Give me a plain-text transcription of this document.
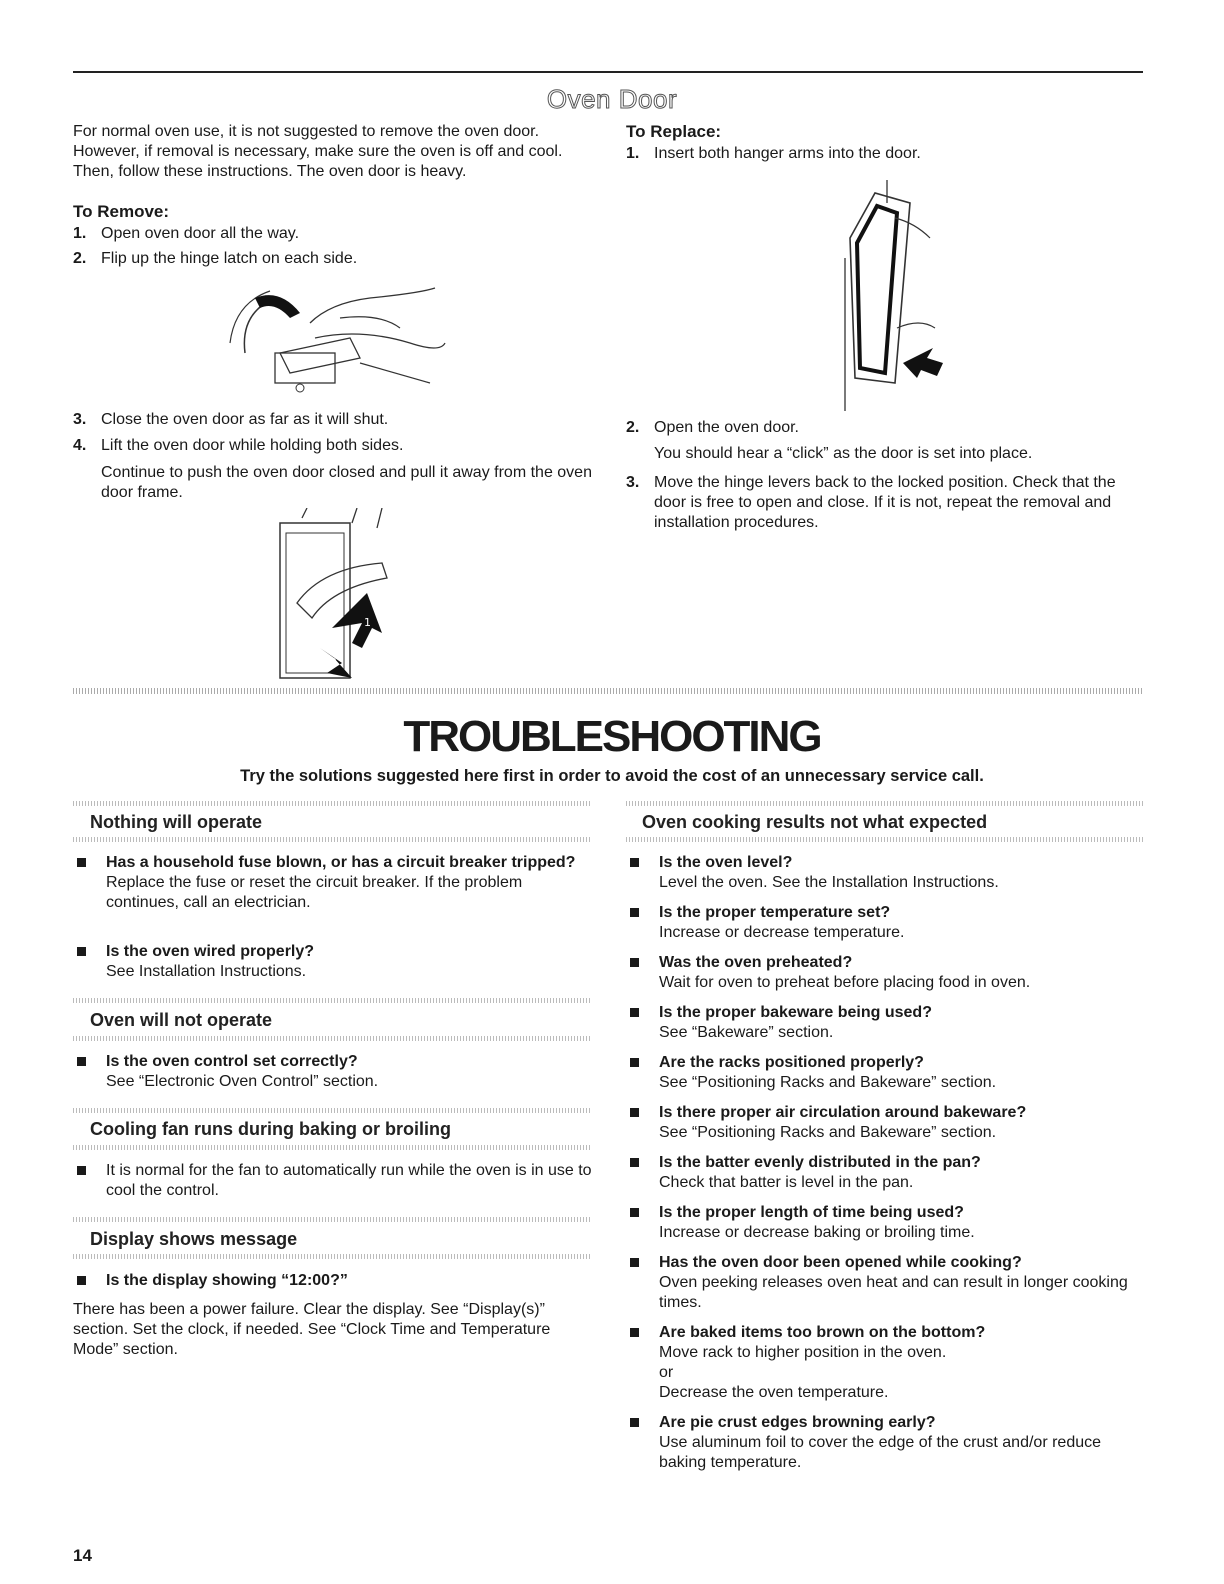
Oven Door
For normal oven use, it is not suggested to remove the oven door. However, if removal is necessary, make sure the oven is off and cool. Then, follow these instructions. The oven door is heavy.
To Remove:
1. Open oven door all the way.
2. Flip up the hinge latch on each side.
3. Close the oven door as far as it will shut.
4. Lift the oven door while holding both sides.
Continue to push the oven door closed and pull it away from the oven door frame.
1
2
To Replace:
1. Insert both hanger arms into the door.
2. Open the oven door.
You should hear a “click” as the door is set into place.
3. Move the hinge levers back to the locked position. Check that the door is free to open and close. If it is not, repeat the removal and installation procedures.
TROUBLESHOOTING
Try the solutions suggested here first in order to avoid the cost of an unnecessary service call.
Nothing will operate
Has a household fuse blown, or has a circuit breaker tripped?
Replace the fuse or reset the circuit breaker. If the problem continues, call an electrician.
Is the oven wired properly?
See Installation Instructions.
Oven will not operate
Is the oven control set correctly?
See “Electronic Oven Control” section.
Cooling fan runs during baking or broiling
It is normal for the fan to automatically run while the oven is in use to cool the control.
Display shows message
Is the display showing “12:00?”
There has been a power failure. Clear the display. See “Display(s)” section. Set the clock, if needed. See “Clock Time and Temperature Mode” section.
Oven cooking results not what expected
Is the oven level?
Level the oven. See the Installation Instructions.
Is the proper temperature set?
Increase or decrease temperature.
Was the oven preheated?
Wait for oven to preheat before placing food in oven.
Is the proper bakeware being used?
See “Bakeware” section.
Are the racks positioned properly?
See “Positioning Racks and Bakeware” section.
Is there proper air circulation around bakeware?
See “Positioning Racks and Bakeware” section.
Is the batter evenly distributed in the pan?
Check that batter is level in the pan.
Is the proper length of time being used?
Increase or decrease baking or broiling time.
Has the oven door been opened while cooking?
Oven peeking releases oven heat and can result in longer cooking times.
Are baked items too brown on the bottom?
Move rack to higher position in the oven.
or
Decrease the oven temperature.
Are pie crust edges browning early?
Use aluminum foil to cover the edge of the crust and/or reduce baking temperature.
14
